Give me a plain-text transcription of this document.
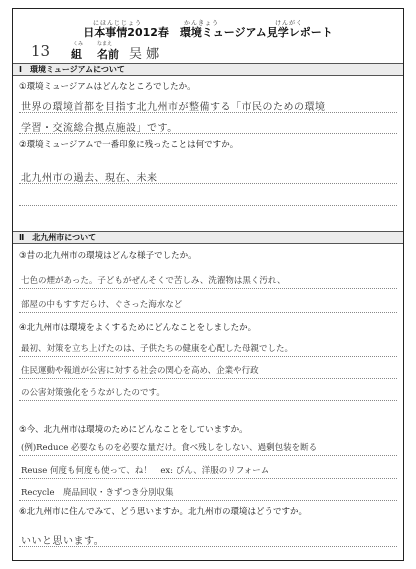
にほんじじょう　　　　　　かんきょう　　　　　　　　けんがく
日本事情2012春　環境ミュージアム見学レポート
13	くみ
組
なまえ
名前 吴 娜
Ⅰ　環境ミュージアムについて
①環境ミュージアムはどんなところでしたか。
世界の環境首都を目指す北九州市が整備する「市民のための環境
学習・交流総合拠点施設」です。
②環境ミュージアムで一番印象に残ったことは何ですか。
北九州市の過去、現在、未来
Ⅱ　北九州市について
③昔の北九州市の環境はどんな様子でしたか。
七色の煙があった。子どもがぜんそくで苦しみ、洗濯物は黒く汚れ、
部屋の中もすすだらけ、ぐさった海水など
④北九州市は環境をよくするためにどんなことをしましたか。
最初、対策を立ち上げたのは、子供たちの健康を心配した母親でした。
住民運動や報道が公害に対する社会の関心を高め、企業や行政
の公害対策強化をうながしたのです。
⑤今、北九州市は環境のためにどんなことをしていますか。
(例)Reduce 必要なものを必要な量だけ。食べ残しをしない、過剰包装を断る
Reuse 何度も何度も使って、ね！　ex: びん、洋服のリフォーム
Recycle　廃品回収・きずつき分別収集
⑥北九州市に住んでみて、どう思いますか。北九州市の環境はどうですか。
いいと思います。
